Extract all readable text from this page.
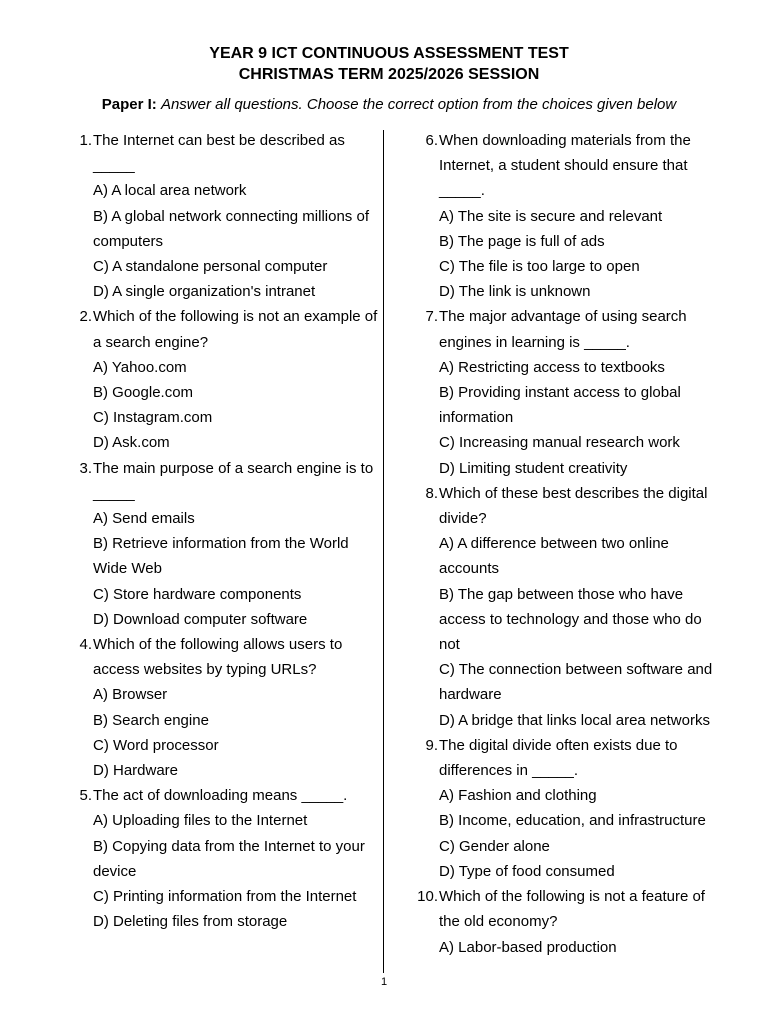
YEAR 9 ICT CONTINUOUS ASSESSMENT TEST
CHRISTMAS TERM 2025/2026 SESSION
Paper I: Answer all questions. Choose the correct option from the choices given below
1. The Internet can best be described as _____
A) A local area network
B) A global network connecting millions of computers
C) A standalone personal computer
D) A single organization's intranet
2. Which of the following is not an example of a search engine?
A) Yahoo.com
B) Google.com
C) Instagram.com
D) Ask.com
3. The main purpose of a search engine is to _____
A) Send emails
B) Retrieve information from the World Wide Web
C) Store hardware components
D) Download computer software
4. Which of the following allows users to access websites by typing URLs?
A) Browser
B) Search engine
C) Word processor
D) Hardware
5. The act of downloading means _____.
A) Uploading files to the Internet
B) Copying data from the Internet to your device
C) Printing information from the Internet
D) Deleting files from storage
6. When downloading materials from the Internet, a student should ensure that _____.
A) The site is secure and relevant
B) The page is full of ads
C) The file is too large to open
D) The link is unknown
7. The major advantage of using search engines in learning is _____.
A) Restricting access to textbooks
B) Providing instant access to global information
C) Increasing manual research work
D) Limiting student creativity
8. Which of these best describes the digital divide?
A) A difference between two online accounts
B) The gap between those who have access to technology and those who do not
C) The connection between software and hardware
D) A bridge that links local area networks
9. The digital divide often exists due to differences in _____.
A) Fashion and clothing
B) Income, education, and infrastructure
C) Gender alone
D) Type of food consumed
10. Which of the following is not a feature of the old economy?
A) Labor-based production
1
